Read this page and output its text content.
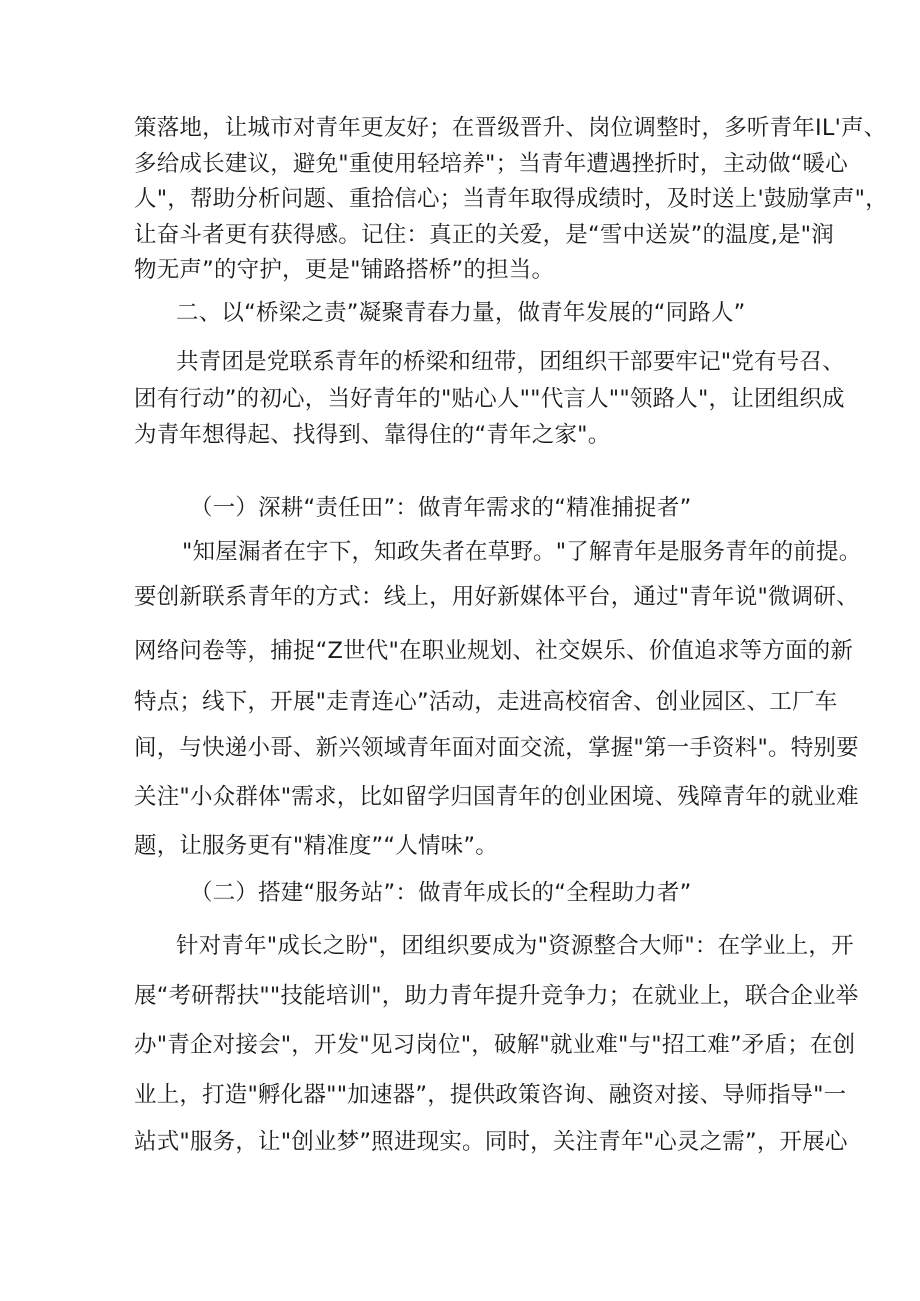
策落地，让城市对青年更友好；在晋级晋升、岗位调整时，多听青年IL'声、
多给成长建议，避免"重使用轻培养"；当青年遭遇挫折时，主动做“暖心
人"，帮助分析问题、重拾信心；当青年取得成绩时，及时送上'鼓励掌声"，
让奋斗者更有获得感。记住：真正的关爱，是“雪中送炭”的温度,是"润
物无声”的守护，更是"铺路搭桥”的担当。
二、以“桥梁之责”凝聚青春力量，做青年发展的“同路人”
共青团是党联系青年的桥梁和纽带，团组织干部要牢记"党有号召、
团有行动”的初心，当好青年的"贴心人""代言人""领路人"，让团组织成
为青年想得起、找得到、靠得住的“青年之家"。
（一）深耕“责任田”：做青年需求的“精准捕捉者”
"知屋漏者在宇下，知政失者在草野。"了解青年是服务青年的前提。
要创新联系青年的方式：线上，用好新媒体平台，通过"青年说"微调研、
网络问卷等，捕捉“Z世代"在职业规划、社交娱乐、价值追求等方面的新
特点；线下，开展"走青连心”活动，走进高校宿舍、创业园区、工厂车
间，与快递小哥、新兴领域青年面对面交流，掌握"第一手资料"。特别要
关注"小众群体"需求，比如留学归国青年的创业困境、残障青年的就业难
题，让服务更有"精准度”“人情味”。
（二）搭建“服务站”：做青年成长的“全程助力者”
针对青年"成长之盼"，团组织要成为"资源整合大师"：在学业上，开
展“考研帮扶""技能培训"，助力青年提升竞争力；在就业上，联合企业举
办"青企对接会"，开发"见习岗位"，破解"就业难"与"招工难”矛盾；在创
业上，打造"孵化器""加速器”，提供政策咨询、融资对接、导师指导"一
站式"服务，让"创业梦”照进现实。同时，关注青年"心灵之需”，开展心
